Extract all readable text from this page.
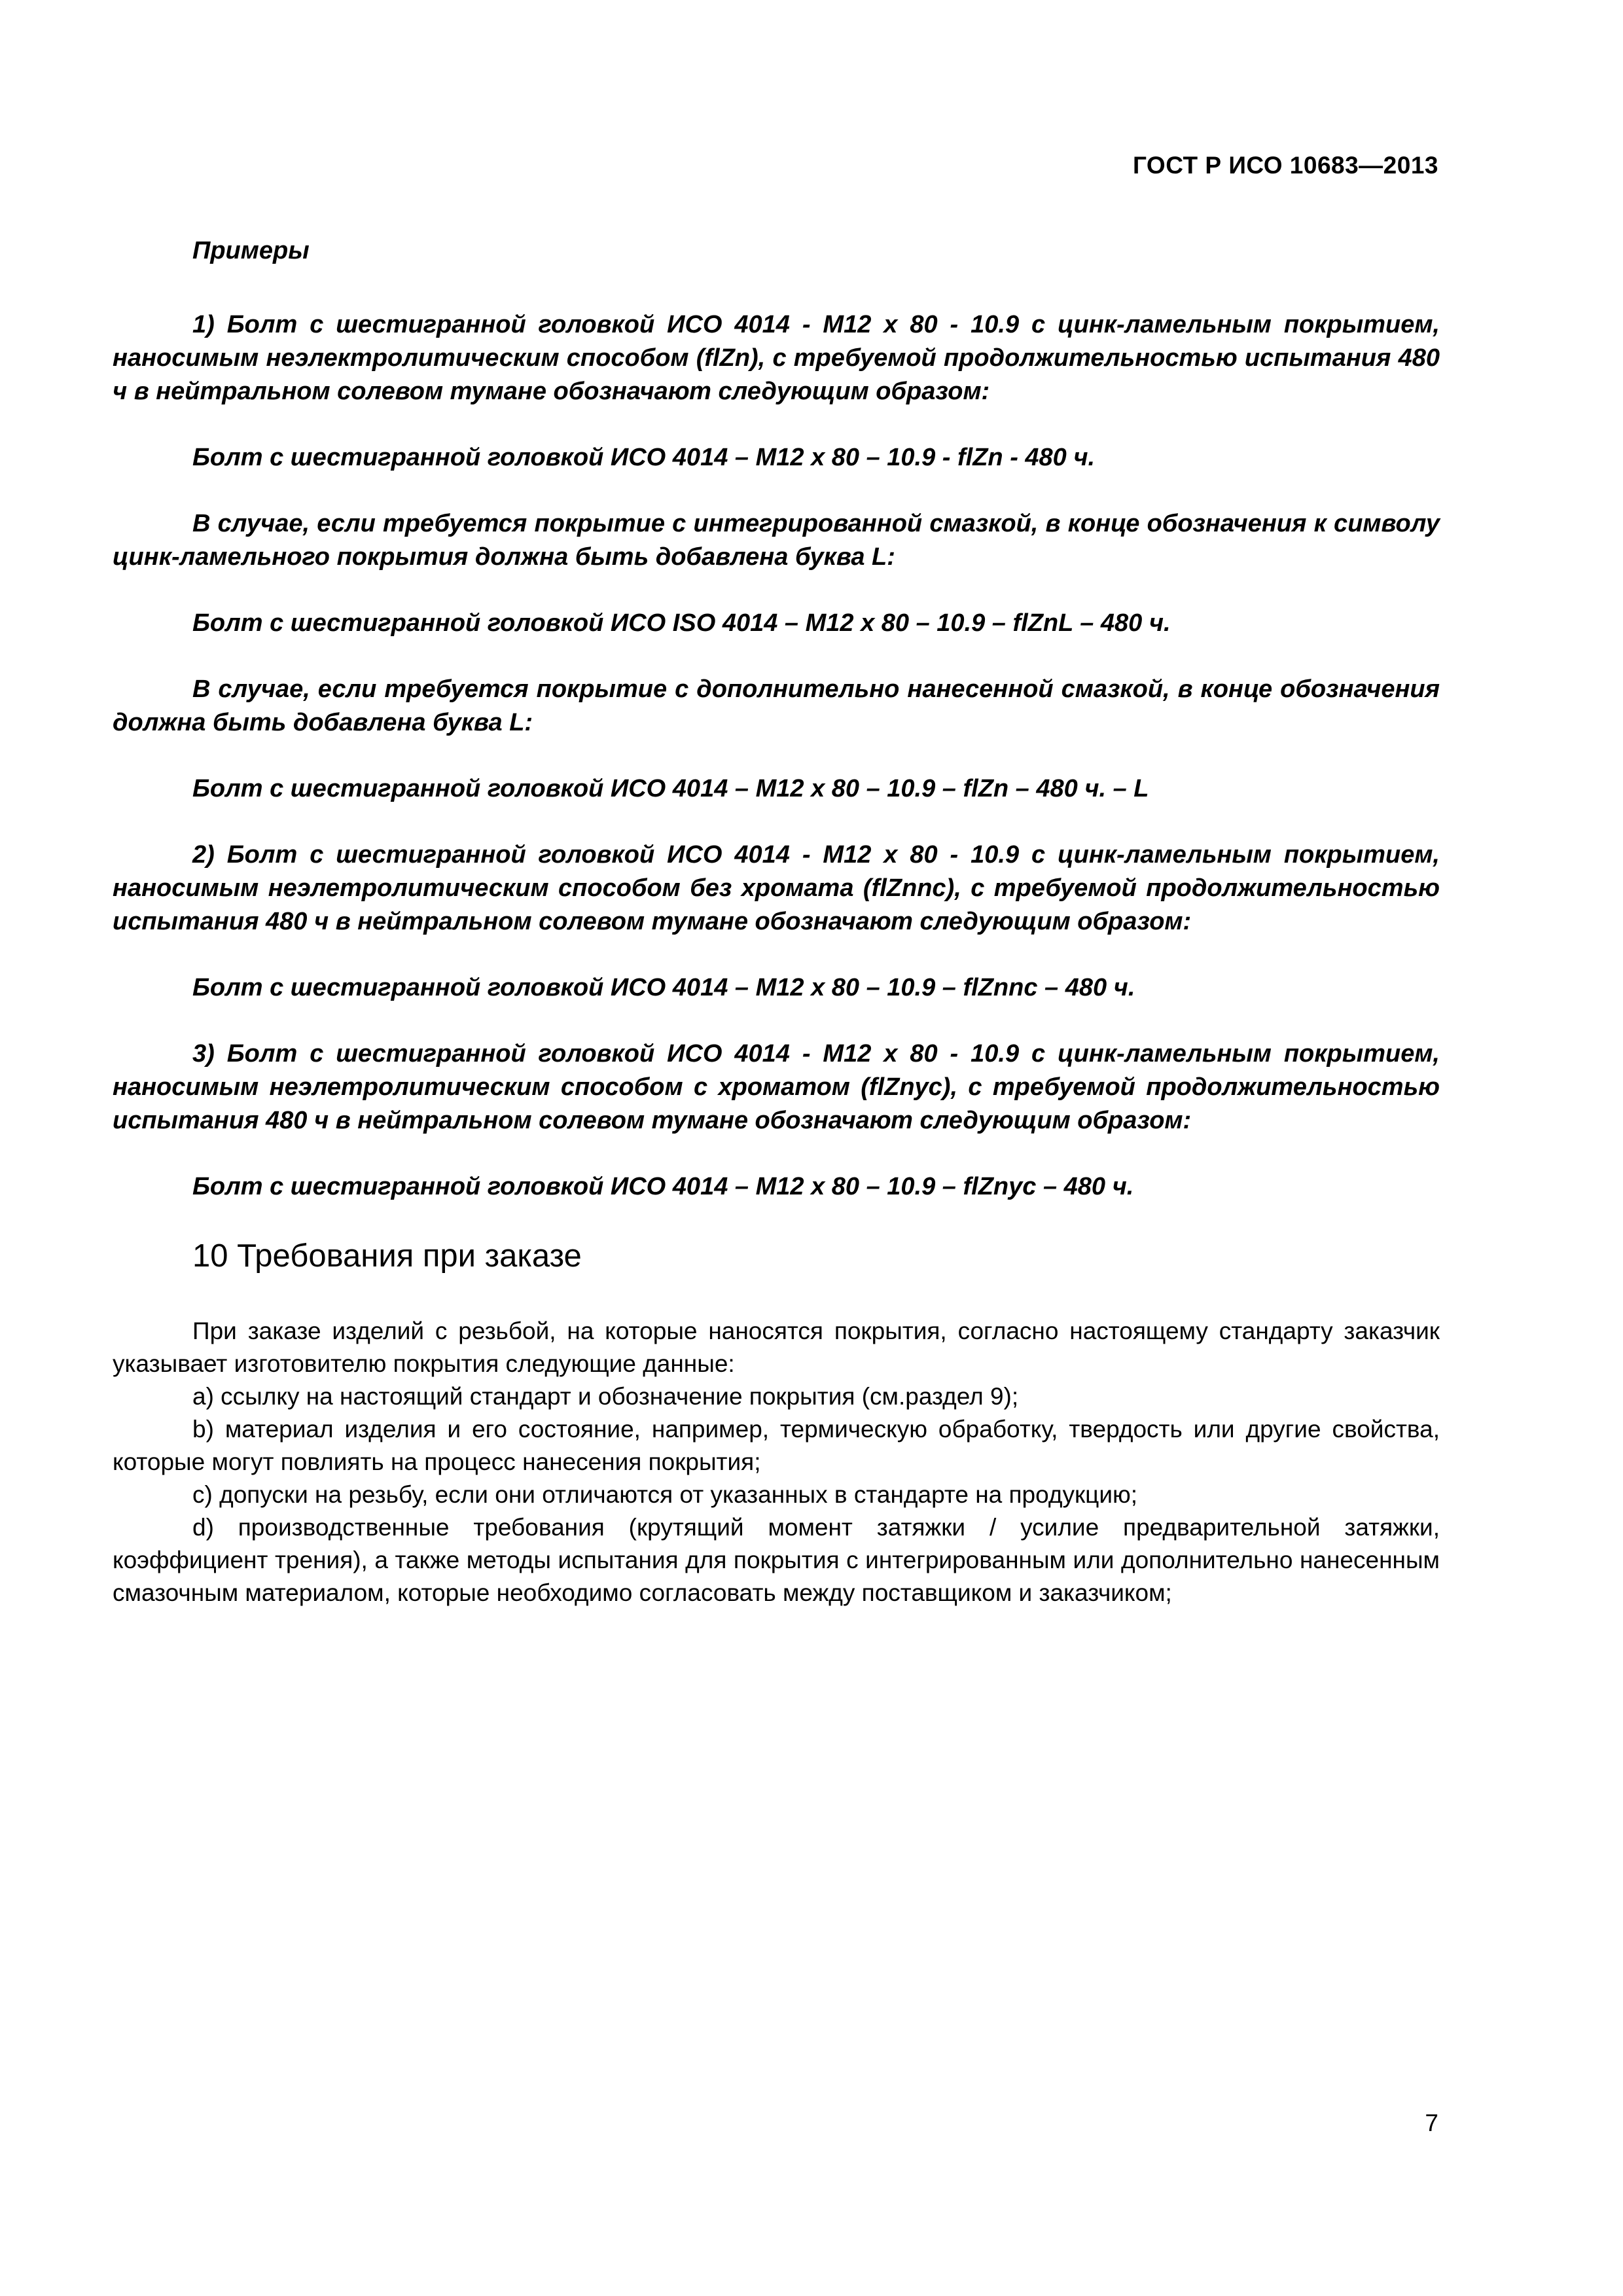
ГОСТ Р ИСО 10683—2013

Примеры

1) Болт с шестигранной головкой ИСО 4014 - М12 x 80 - 10.9 с цинк-ламельным покрытием, наносимым неэлектролитическим способом (flZn), с требуемой продолжительностью испытания 480 ч в нейтральном солевом тумане обозначают следующим образом:

Болт с шестигранной головкой ИСО 4014 – М12 x 80 – 10.9 - flZn - 480 ч.

В случае, если требуется покрытие с интегрированной смазкой, в конце обозначения к символу цинк-ламельного покрытия должна быть добавлена буква L:

Болт с шестигранной головкой ИСО ISO 4014 – М12 x 80 – 10.9 – flZnL – 480 ч.

В случае, если требуется покрытие с дополнительно нанесенной смазкой, в конце обозначения должна быть добавлена буква L:

Болт с шестигранной головкой ИСО 4014 – М12 x 80 – 10.9 – flZn – 480 ч. – L

2) Болт с шестигранной головкой ИСО 4014 - М12 x 80 - 10.9 с цинк-ламельным покрытием, наносимым неэлетролитическим способом без хромата (flZnnc), с требуемой продолжительностью испытания 480 ч в нейтральном солевом тумане обозначают следующим образом:

Болт с шестигранной головкой ИСО 4014 – М12 x 80 – 10.9 – flZnnc – 480 ч.

3) Болт с шестигранной головкой ИСО 4014 - М12 x 80 - 10.9 с цинк-ламельным покрытием, наносимым неэлетролитическим способом с хроматом (flZnyc), с требуемой продолжительностью испытания 480 ч в нейтральном солевом тумане обозначают следующим образом:

Болт с шестигранной головкой ИСО 4014 – М12 x 80 – 10.9 – flZnyc – 480 ч.

10 Требования при заказе

При заказе изделий с резьбой, на которые наносятся покрытия, согласно настоящему стандарту заказчик указывает изготовителю покрытия следующие данные:

a) ссылку на настоящий стандарт и обозначение покрытия (см.раздел 9);

b) материал изделия и его состояние, например, термическую обработку, твердость или другие свойства, которые могут повлиять на процесс нанесения покрытия;

c) допуски на резьбу, если они отличаются от указанных в стандарте на продукцию;

d) производственные требования (крутящий момент затяжки / усилие предварительной затяжки, коэффициент трения), а также методы испытания для покрытия с интегрированным или дополнительно нанесенным смазочным материалом, которые необходимо согласовать между поставщиком и заказчиком;

7
